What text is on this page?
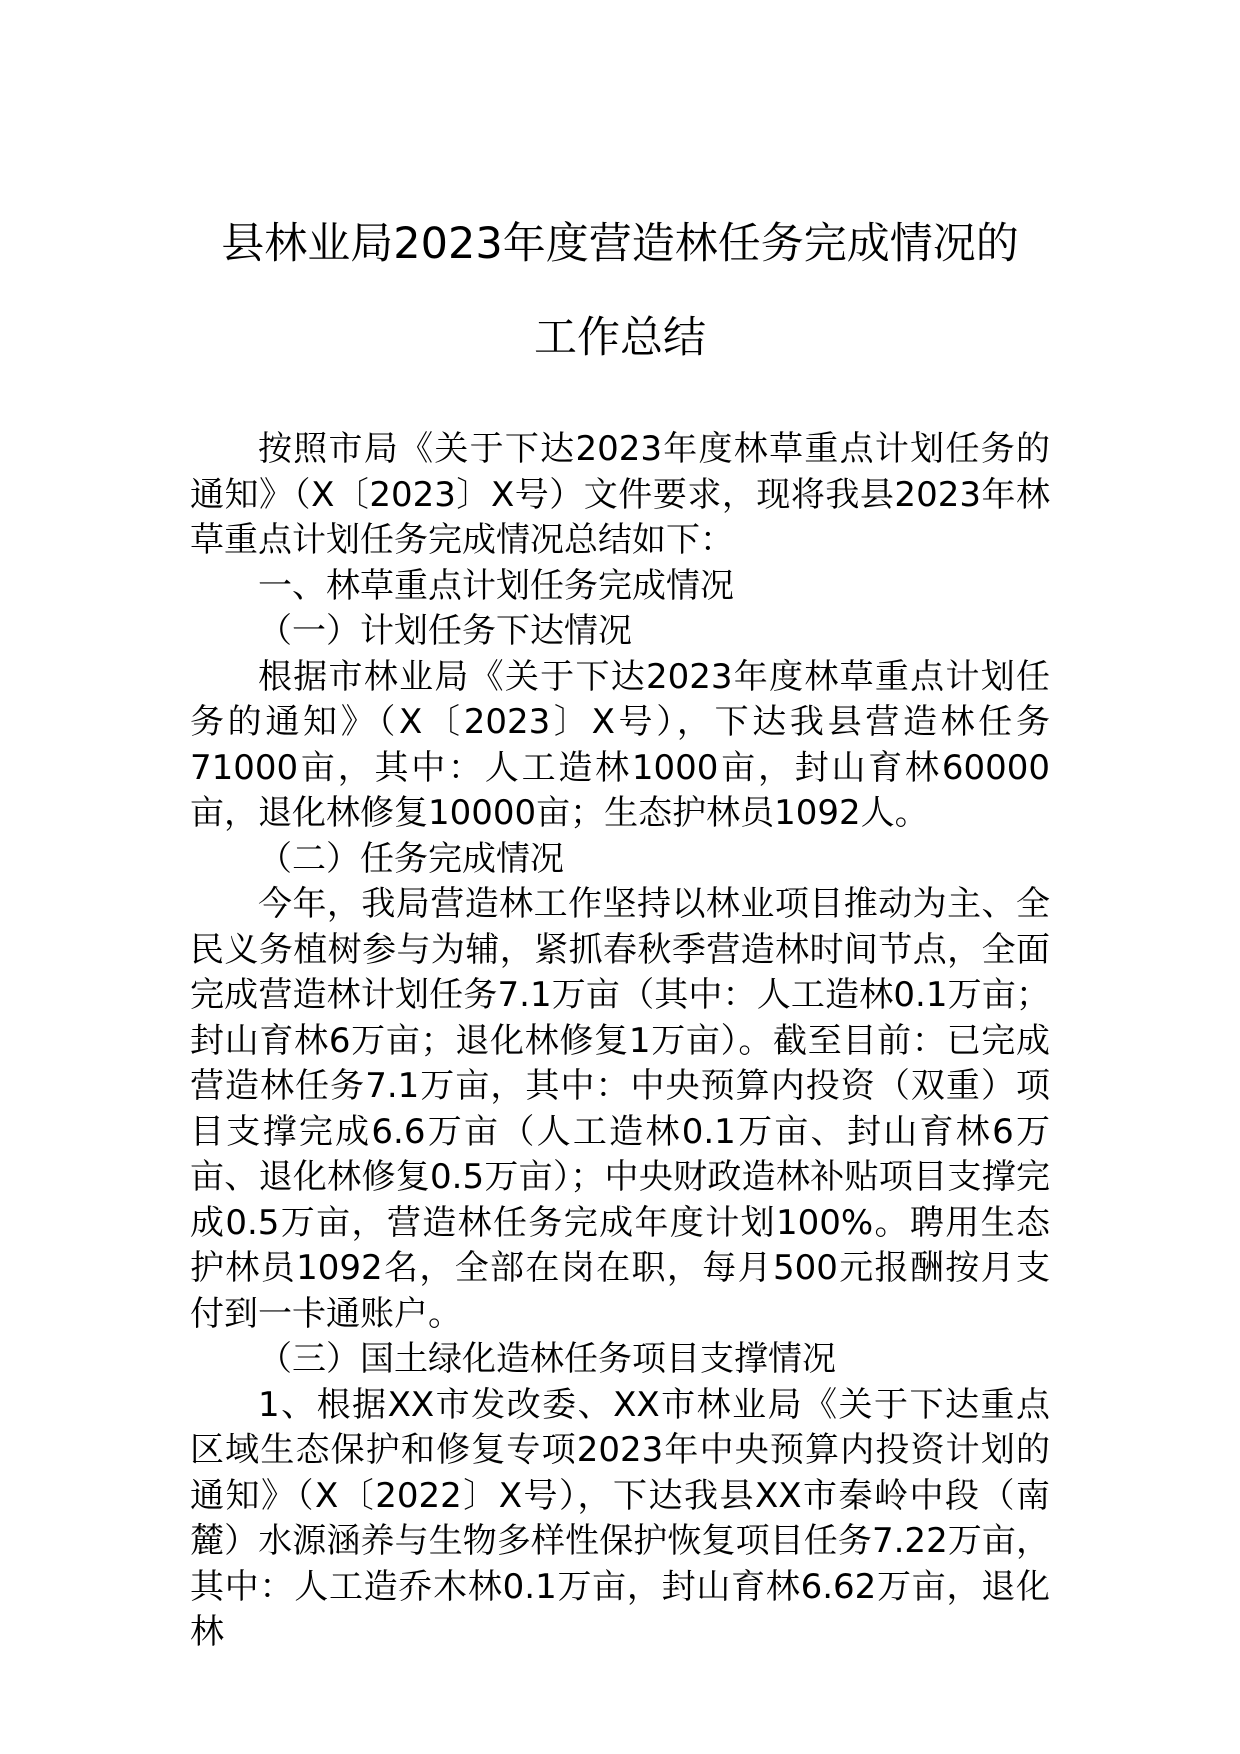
县林业局2023年度营造林任务完成情况的
工作总结

按照市局《关于下达2023年度林草重点计划任务的通知》（X〔2023〕X号）文件要求，现将我县2023年林草重点计划任务完成情况总结如下：

一、林草重点计划任务完成情况

（一）计划任务下达情况

根据市林业局《关于下达2023年度林草重点计划任务的通知》（X〔2023〕X号），下达我县营造林任务71000亩，其中：人工造林1000亩，封山育林60000亩，退化林修复10000亩；生态护林员1092人。

（二）任务完成情况

今年，我局营造林工作坚持以林业项目推动为主、全民义务植树参与为辅，紧抓春秋季营造林时间节点，全面完成营造林计划任务7.1万亩（其中：人工造林0.1万亩；封山育林6万亩；退化林修复1万亩）。截至目前：已完成营造林任务7.1万亩，其中：中央预算内投资（双重）项目支撑完成6.6万亩（人工造林0.1万亩、封山育林6万亩、退化林修复0.5万亩）；中央财政造林补贴项目支撑完成0.5万亩，营造林任务完成年度计划100%。聘用生态护林员1092名，全部在岗在职，每月500元报酬按月支付到一卡通账户。

（三）国土绿化造林任务项目支撑情况

1、根据XX市发改委、XX市林业局《关于下达重点区域生态保护和修复专项2023年中央预算内投资计划的通知》（X〔2022〕X号），下达我县XX市秦岭中段（南麓）水源涵养与生物多样性保护恢复项目任务7.22万亩，其中：人工造乔木林0.1万亩，封山育林6.62万亩，退化林
